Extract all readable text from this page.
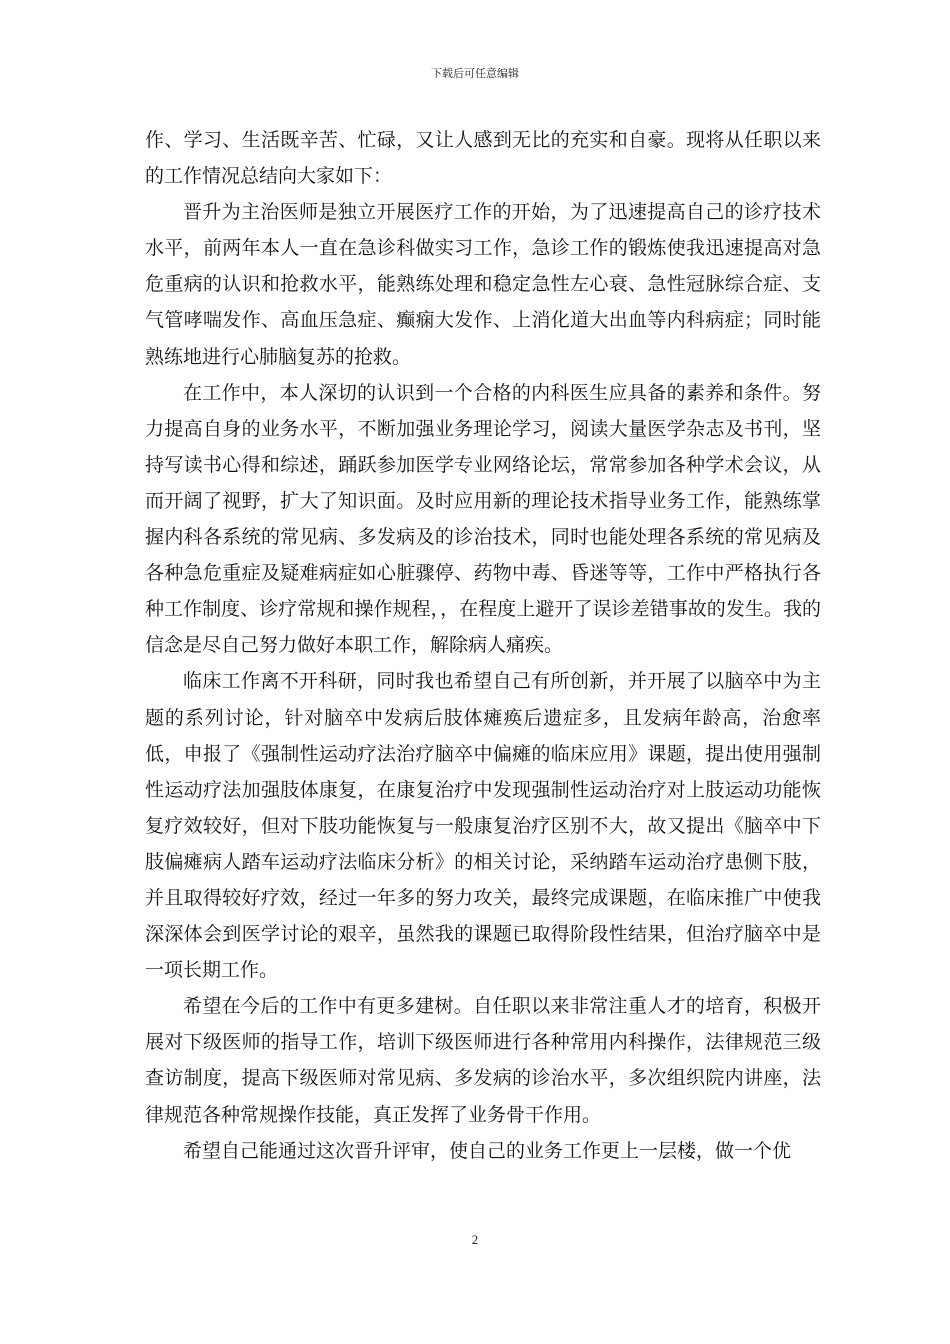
下载后可任意编辑

作、学习、生活既辛苦、忙碌，又让人感到无比的充实和自豪。现将从任职以来的工作情况总结向大家如下：

晋升为主治医师是独立开展医疗工作的开始，为了迅速提高自己的诊疗技术水平，前两年本人一直在急诊科做实习工作，急诊工作的锻炼使我迅速提高对急危重病的认识和抢救水平，能熟练处理和稳定急性左心衰、急性冠脉综合症、支气管哮喘发作、高血压急症、癫痫大发作、上消化道大出血等内科病症；同时能熟练地进行心肺脑复苏的抢救。

在工作中，本人深切的认识到一个合格的内科医生应具备的素养和条件。努力提高自身的业务水平，不断加强业务理论学习，阅读大量医学杂志及书刊，坚持写读书心得和综述，踊跃参加医学专业网络论坛，常常参加各种学术会议，从而开阔了视野，扩大了知识面。及时应用新的理论技术指导业务工作，能熟练掌握内科各系统的常见病、多发病及的诊治技术，同时也能处理各系统的常见病及各种急危重症及疑难病症如心脏骤停、药物中毒、昏迷等等，工作中严格执行各种工作制度、诊疗常规和操作规程，，在程度上避开了误诊差错事故的发生。我的信念是尽自己努力做好本职工作，解除病人痛疾。

临床工作离不开科研，同时我也希望自己有所创新，并开展了以脑卒中为主题的系列讨论，针对脑卒中发病后肢体瘫痪后遗症多，且发病年龄高，治愈率低，申报了《强制性运动疗法治疗脑卒中偏瘫的临床应用》课题，提出使用强制性运动疗法加强肢体康复，在康复治疗中发现强制性运动治疗对上肢运动功能恢复疗效较好，但对下肢功能恢复与一般康复治疗区别不大，故又提出《脑卒中下肢偏瘫病人踏车运动疗法临床分析》的相关讨论，采纳踏车运动治疗患侧下肢，并且取得较好疗效，经过一年多的努力攻关，最终完成课题，在临床推广中使我深深体会到医学讨论的艰辛，虽然我的课题已取得阶段性结果，但治疗脑卒中是一项长期工作。

希望在今后的工作中有更多建树。自任职以来非常注重人才的培育，积极开展对下级医师的指导工作，培训下级医师进行各种常用内科操作，法律规范三级查访制度，提高下级医师对常见病、多发病的诊治水平，多次组织院内讲座，法律规范各种常规操作技能，真正发挥了业务骨干作用。

希望自己能通过这次晋升评审，使自己的业务工作更上一层楼，做一个优

2
